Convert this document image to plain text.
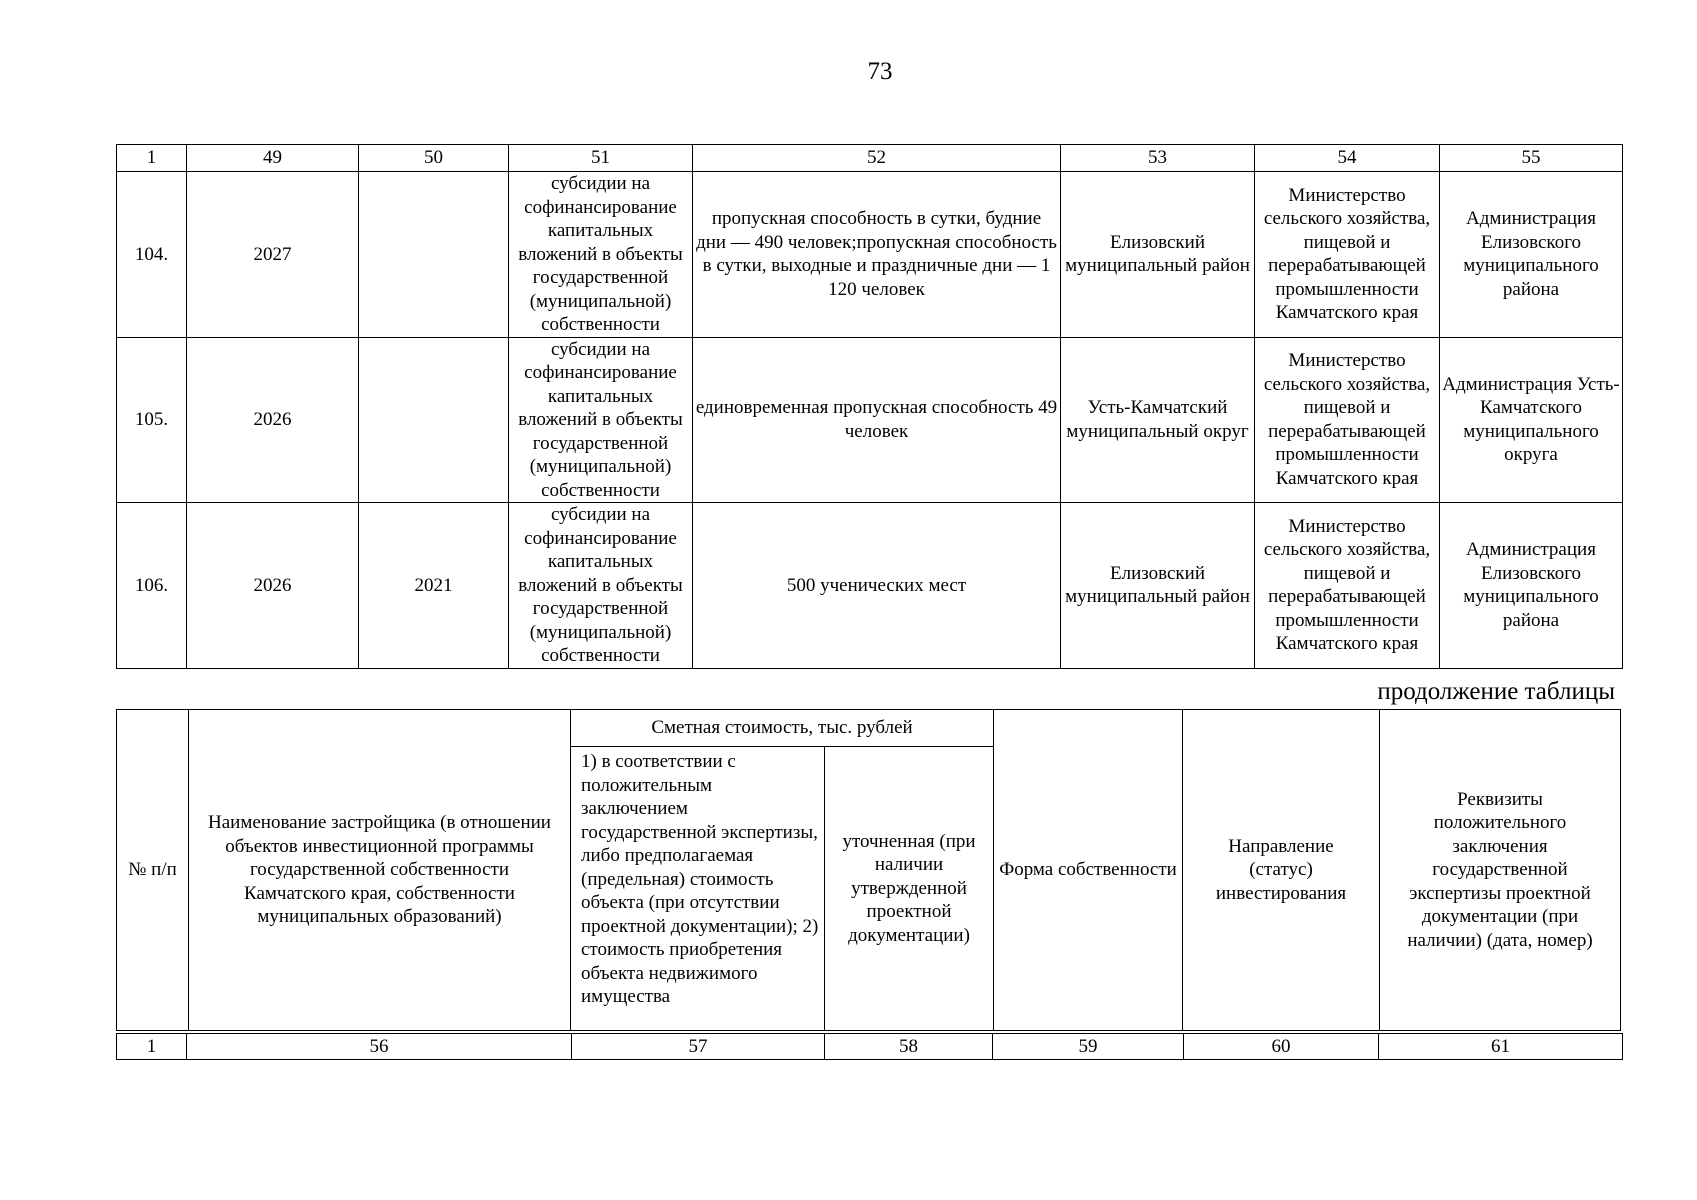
73
1	49	50	51	52	53	54	55
104.	2027		субсидии на софинансирование капитальных вложений в объекты государственной (муниципальной) собственности	пропускная способность в сутки, будние дни — 490 человек;пропускная способность в сутки, выходные и праздничные дни — 1 120 человек	Елизовский муниципальный район	Министерство сельского хозяйства, пищевой и перерабатывающей промышленности Камчатского края	Администрация Елизовского муниципального района
105.	2026		субсидии на софинансирование капитальных вложений в объекты государственной (муниципальной) собственности	единовременная пропускная способность 49 человек	Усть-Камчатский муниципальный округ	Министерство сельского хозяйства, пищевой и перерабатывающей промышленности Камчатского края	Администрация Усть-Камчатского муниципального округа
106.	2026	2021	субсидии на софинансирование капитальных вложений в объекты государственной (муниципальной) собственности	500 ученических мест	Елизовский муниципальный район	Министерство сельского хозяйства, пищевой и перерабатывающей промышленности Камчатского края	Администрация Елизовского муниципального района
продолжение таблицы
№ п/п	Наименование застройщика (в отношении объектов инвестиционной программы государственной собственности Камчатского края, собственности муниципальных образований)	Сметная стоимость, тыс. рублей		Форма собственности	Направление (статус) инвестирования	Реквизиты положительного заключения государственной экспертизы проектной документации (при наличии) (дата, номер)
		1) в соответствии с положительным заключением государственной экспертизы, либо предполагаемая (предельная) стоимость объекта (при отсутствии проектной документации); 2) стоимость приобретения объекта недвижимого имущества	уточненная (при наличии утвержденной проектной документации)			
1	56	57	58	59	60	61
